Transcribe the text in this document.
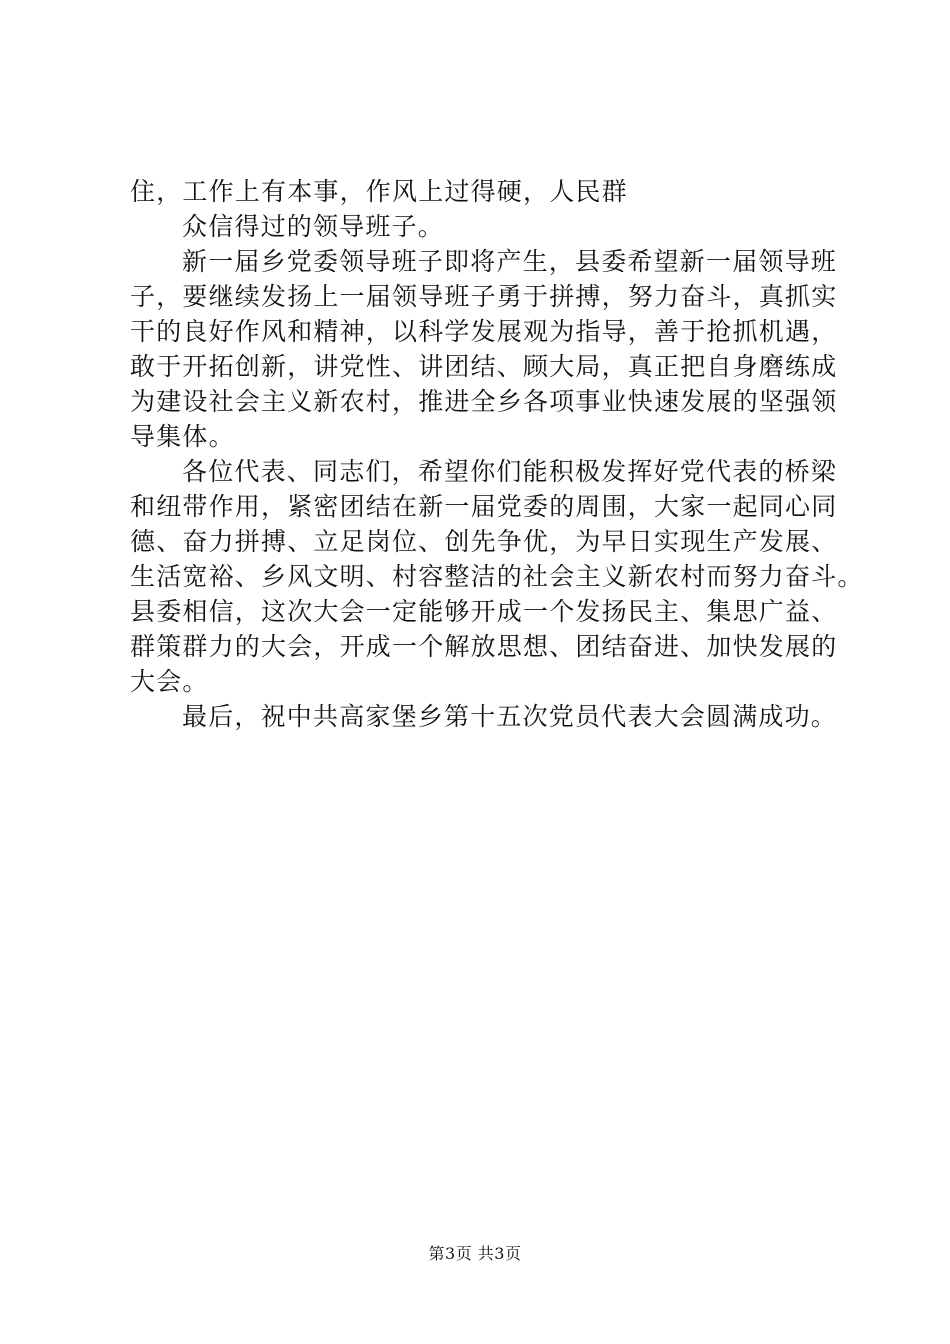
住，工作上有本事，作风上过得硬，人民群
众信得过的领导班子。
新一届乡党委领导班子即将产生，县委希望新一届领导班
子，要继续发扬上一届领导班子勇于拼搏，努力奋斗，真抓实
干的良好作风和精神，以科学发展观为指导，善于抢抓机遇，
敢于开拓创新，讲党性、讲团结、顾大局，真正把自身磨练成
为建设社会主义新农村，推进全乡各项事业快速发展的坚强领
导集体。
各位代表、同志们，希望你们能积极发挥好党代表的桥梁
和纽带作用，紧密团结在新一届党委的周围，大家一起同心同
德、奋力拼搏、立足岗位、创先争优，为早日实现生产发展、
生活宽裕、乡风文明、村容整洁的社会主义新农村而努力奋斗。
县委相信，这次大会一定能够开成一个发扬民主、集思广益、
群策群力的大会，开成一个解放思想、团结奋进、加快发展的
大会。
最后，祝中共高家堡乡第十五次党员代表大会圆满成功。
第3页 共3页
